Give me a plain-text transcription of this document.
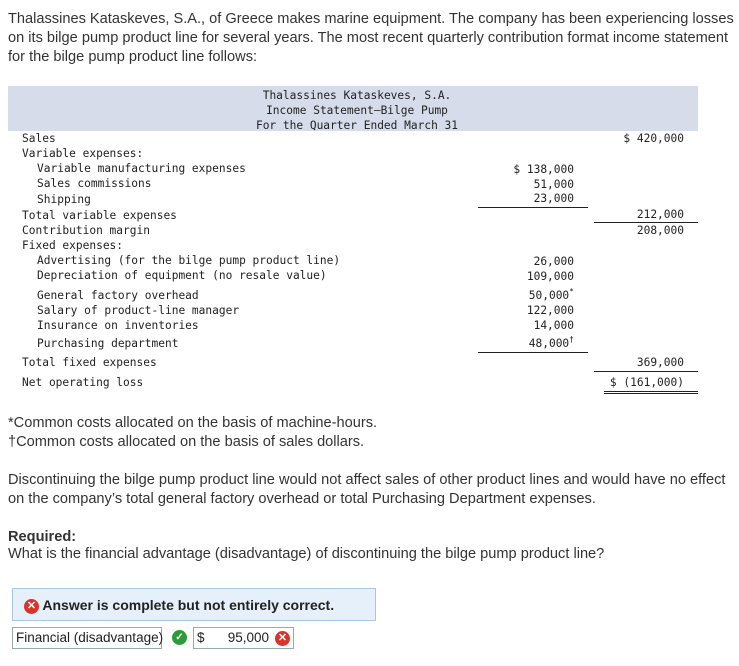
Thalassines Kataskeves, S.A., of Greece makes marine equipment. The company has been experiencing losses on its bilge pump product line for several years. The most recent quarterly contribution format income statement for the bilge pump product line follows:
Thalassines Kataskeves, S.A.
Income Statement—Bilge Pump
For the Quarter Ended March 31
Sales	$ 420,000
Variable expenses:
Variable manufacturing expenses	$ 138,000
Sales commissions	51,000
Shipping	23,000
Total variable expenses	212,000
Contribution margin	208,000
Fixed expenses:
Advertising (for the bilge pump product line)	26,000
Depreciation of equipment (no resale value)	109,000
General factory overhead	50,000*
Salary of product-line manager	122,000
Insurance on inventories	14,000
Purchasing department	48,000†
Total fixed expenses	369,000
Net operating loss	$ (161,000)
*Common costs allocated on the basis of machine-hours.
†Common costs allocated on the basis of sales dollars.
Discontinuing the bilge pump product line would not affect sales of other product lines and would have no effect on the company’s total general factory overhead or total Purchasing Department expenses.
Required:
What is the financial advantage (disadvantage) of discontinuing the bilge pump product line?
✕ Answer is complete but not entirely correct.
Financial (disadvantage)	✓ $ 95,000 ✕
